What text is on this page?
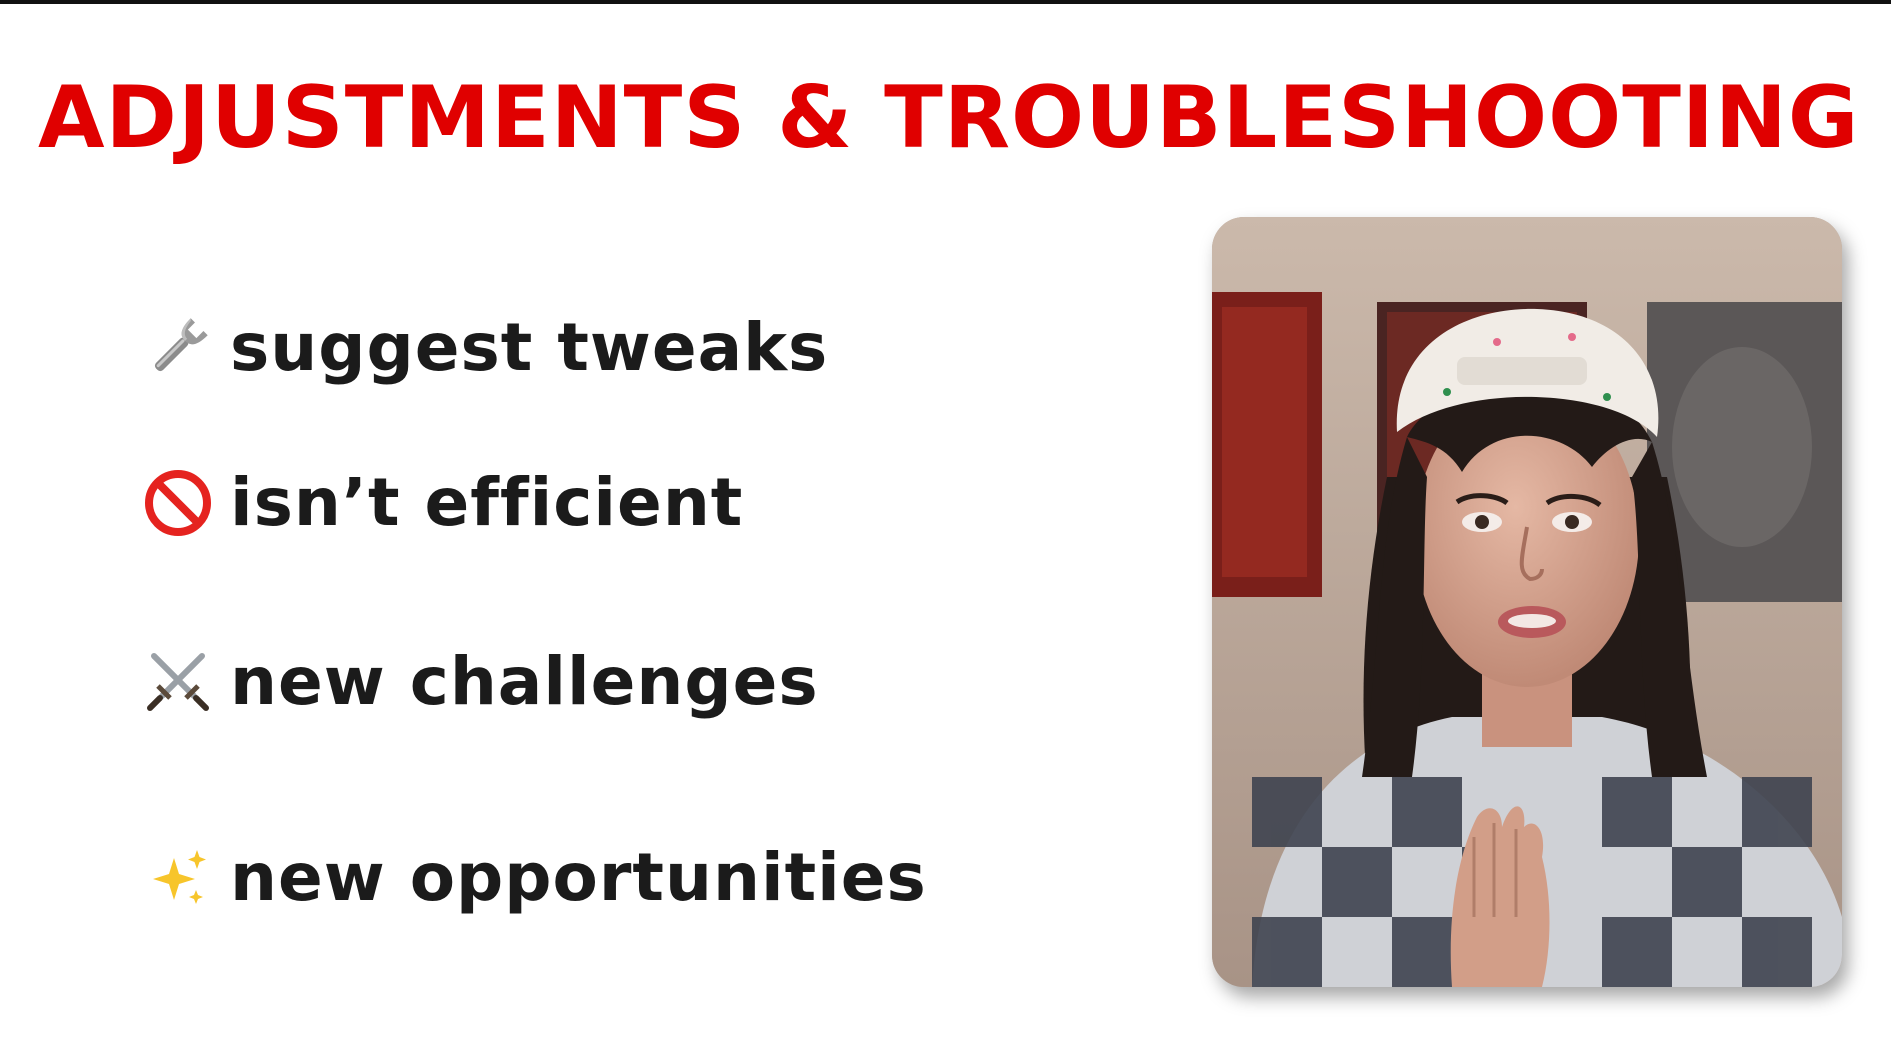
ADJUSTMENTS & TROUBLESHOOTING
suggest tweaks
isn’t efficient
new challenges
new opportunities
